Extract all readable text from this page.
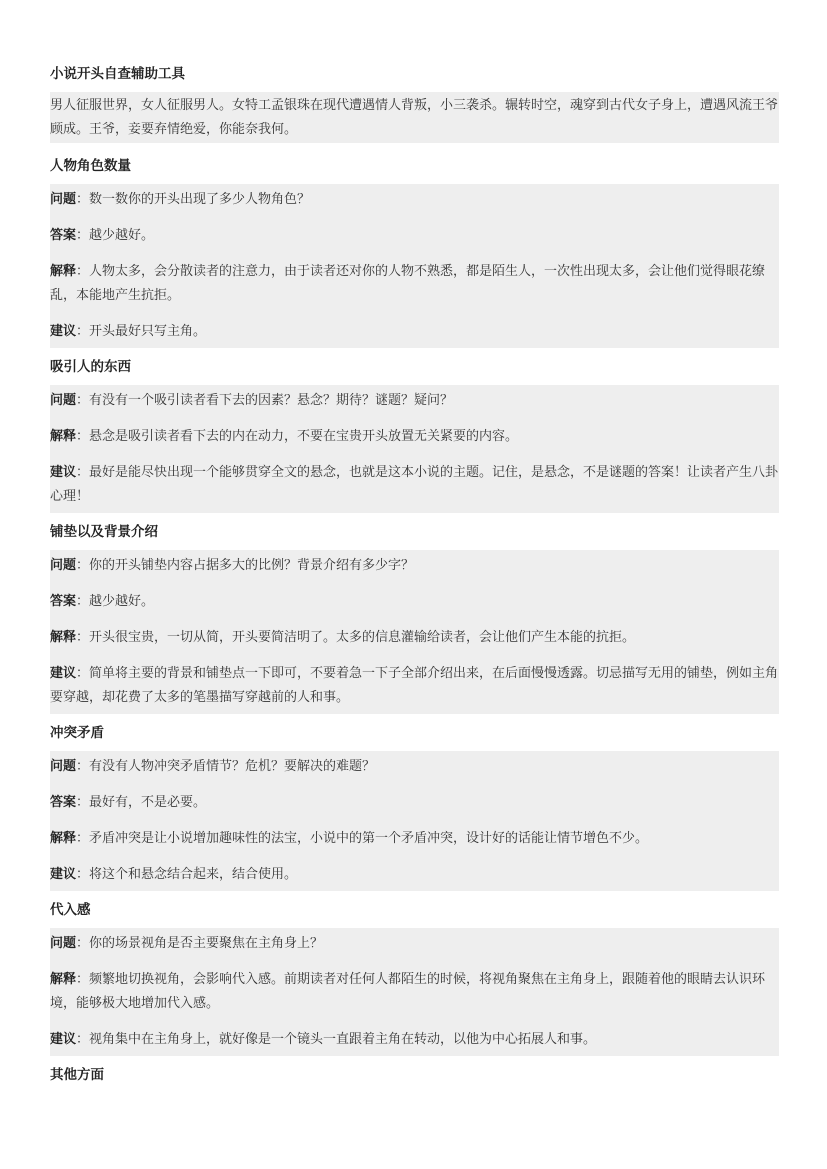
小说开头自查辅助工具
男人征服世界，女人征服男人。女特工孟银珠在现代遭遇情人背叛，小三袭杀。辗转时空，魂穿到古代女子身上，遭遇风流王爷顾成。王爷，妾要弃情绝爱，你能奈我何。
人物角色数量
问题：数一数你的开头出现了多少人物角色？
答案：越少越好。
解释：人物太多，会分散读者的注意力，由于读者还对你的人物不熟悉，都是陌生人，一次性出现太多，会让他们觉得眼花缭乱，本能地产生抗拒。
建议：开头最好只写主角。
吸引人的东西
问题：有没有一个吸引读者看下去的因素？悬念？期待？谜题？疑问？
解释：悬念是吸引读者看下去的内在动力，不要在宝贵开头放置无关紧要的内容。
建议：最好是能尽快出现一个能够贯穿全文的悬念，也就是这本小说的主题。记住，是悬念，不是谜题的答案！让读者产生八卦心理！
铺垫以及背景介绍
问题：你的开头铺垫内容占据多大的比例？背景介绍有多少字？
答案：越少越好。
解释：开头很宝贵，一切从简，开头要简洁明了。太多的信息灌输给读者，会让他们产生本能的抗拒。
建议：简单将主要的背景和铺垫点一下即可，不要着急一下子全部介绍出来，在后面慢慢透露。切忌描写无用的铺垫，例如主角要穿越，却花费了太多的笔墨描写穿越前的人和事。
冲突矛盾
问题：有没有人物冲突矛盾情节？危机？要解决的难题？
答案：最好有，不是必要。
解释：矛盾冲突是让小说增加趣味性的法宝，小说中的第一个矛盾冲突，设计好的话能让情节增色不少。
建议：将这个和悬念结合起来，结合使用。
代入感
问题：你的场景视角是否主要聚焦在主角身上？
解释：频繁地切换视角，会影响代入感。前期读者对任何人都陌生的时候，将视角聚焦在主角身上，跟随着他的眼睛去认识环境，能够极大地增加代入感。
建议：视角集中在主角身上，就好像是一个镜头一直跟着主角在转动，以他为中心拓展人和事。
其他方面
